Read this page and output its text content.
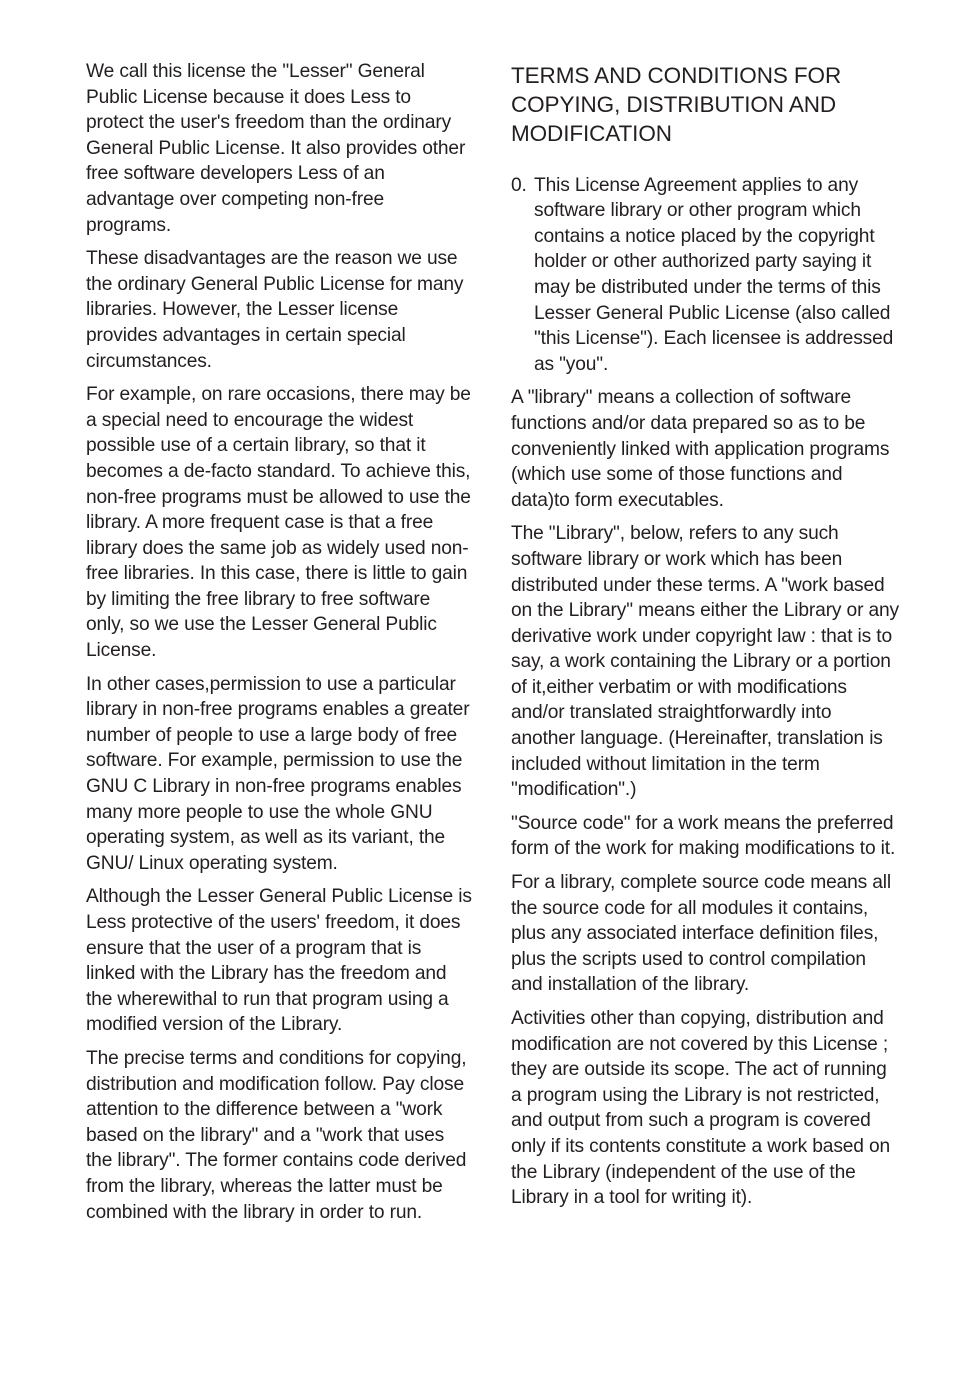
We call this license the "Lesser" General Public License because it does Less to protect the user's freedom than the ordinary General Public License. It also provides other free software developers Less of an advantage over competing non-free programs.

These disadvantages are the reason we use the ordinary General Public License for many libraries. However, the Lesser license provides advantages in certain special circumstances.

For example, on rare occasions, there may be a special need to encourage the widest possible use of a certain library, so that it becomes a de-facto standard. To achieve this, non-free programs must be allowed to use the library. A more frequent case is that a free library does the same job as widely used non-free libraries. In this case, there is little to gain by limiting the free library to free software only, so we use the Lesser General Public License.

In other cases,permission to use a particular library in non-free programs enables a greater number of people to use a large body of free software. For example, permission to use the GNU C Library in non-free programs enables many more people to use the whole GNU operating system, as well as its variant, the GNU/ Linux operating system.

Although the Lesser General Public License is Less protective of the users' freedom, it does ensure that the user of a program that is linked with the Library has the freedom and the wherewithal to run that program using a modified version of the Library.

The precise terms and conditions for copying, distribution and modification follow. Pay close attention to the difference between a "work based on the library" and a "work that uses the library". The former contains code derived from the library, whereas the latter must be combined with the library in order to run.

TERMS AND CONDITIONS FOR COPYING, DISTRIBUTION AND MODIFICATION
0. This License Agreement applies to any software library or other program which contains a notice placed by the copyright holder or other authorized party saying it may be distributed under the terms of this Lesser General Public License (also called "this License"). Each licensee is addressed as "you".

A "library" means a collection of software functions and/or data prepared so as to be conveniently linked with application programs (which use some of those functions and data)to form executables.

The "Library", below, refers to any such software library or work which has been distributed under these terms. A "work based on the Library" means either the Library or any derivative work under copyright law : that is to say, a work containing the Library or a portion of it,either verbatim or with modifications and/or translated straightforwardly into another language. (Hereinafter, translation is included without limitation in the term "modification".)

"Source code" for a work means the preferred form of the work for making modifications to it.

For a library, complete source code means all the source code for all modules it contains, plus any associated interface definition files, plus the scripts used to control compilation and installation of the library.

Activities other than copying, distribution and modification are not covered by this License ; they are outside its scope. The act of running a program using the Library is not restricted, and output from such a program is covered only if its contents constitute a work based on the Library (independent of the use of the Library in a tool for writing it).
